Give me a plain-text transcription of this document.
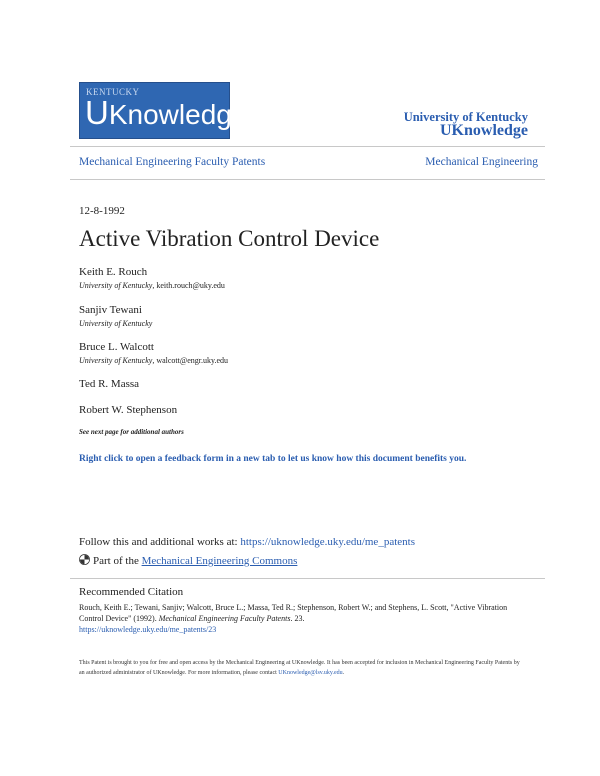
KENTUCKY
UKnowledge	University of Kentucky
UKnowledge
Mechanical Engineering Faculty Patents	Mechanical Engineering
12-8-1992
Active Vibration Control Device
Keith E. Rouch
University of Kentucky, keith.rouch@uky.edu
Sanjiv Tewani
University of Kentucky
Bruce L. Walcott
University of Kentucky, walcott@engr.uky.edu
Ted R. Massa
Robert W. Stephenson
See next page for additional authors
Right click to open a feedback form in a new tab to let us know how this document benefits you.
Follow this and additional works at: https://uknowledge.uky.edu/me_patents
Part of the Mechanical Engineering Commons
Recommended Citation
Rouch, Keith E.; Tewani, Sanjiv; Walcott, Bruce L.; Massa, Ted R.; Stephenson, Robert W.; and Stephens, L. Scott, "Active Vibration Control Device" (1992). Mechanical Engineering Faculty Patents. 23.
https://uknowledge.uky.edu/me_patents/23
This Patent is brought to you for free and open access by the Mechanical Engineering at UKnowledge. It has been accepted for inclusion in Mechanical Engineering Faculty Patents by an authorized administrator of UKnowledge. For more information, please contact UKnowledge@lsv.uky.edu.
